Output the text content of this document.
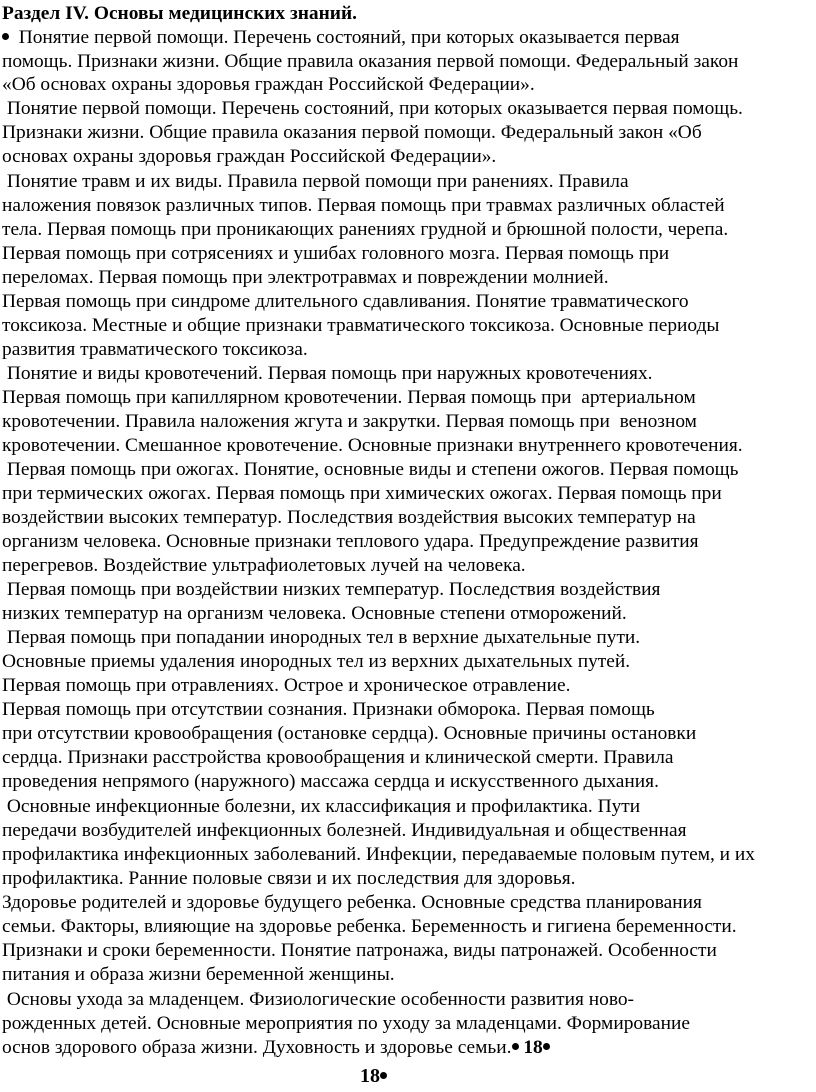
Раздел IV. Основы медицинских знаний.
Понятие первой помощи. Перечень состояний, при которых оказывается первая
помощь. Признаки жизни. Общие правила оказания первой помощи. Федеральный закон
«Об основах охраны здоровья граждан Российской Федерации».
Понятие первой помощи. Перечень состояний, при которых оказывается первая помощь.
Признаки жизни. Общие правила оказания первой помощи. Федеральный закон «Об
основах охраны здоровья граждан Российской Федерации».
Понятие травм и их виды. Правила первой помощи при ранениях. Правила
наложения повязок различных типов. Первая помощь при травмах различных областей
тела. Первая помощь при проникающих ранениях грудной и брюшной полости, черепа.
Первая помощь при сотрясениях и ушибах головного мозга. Первая помощь при
переломах. Первая помощь при электротравмах и повреждении молнией.
Первая помощь при синдроме длительного сдавливания. Понятие травматического
токсикоза. Местные и общие признаки травматического токсикоза. Основные периоды
развития травматического токсикоза.
Понятие и виды кровотечений. Первая помощь при наружных кровотечениях.
Первая помощь при капиллярном кровотечении. Первая помощь при  артериальном
кровотечении. Правила наложения жгута и закрутки. Первая помощь при  венозном
кровотечении. Смешанное кровотечение. Основные признаки внутреннего кровотечения.
Первая помощь при ожогах. Понятие, основные виды и степени ожогов. Первая помощь
при термических ожогах. Первая помощь при химических ожогах. Первая помощь при
воздействии высоких температур. Последствия воздействия высоких температур на
организм человека. Основные признаки теплового удара. Предупреждение развития
перегревов. Воздействие ультрафиолетовых лучей на человека.
Первая помощь при воздействии низких температур. Последствия воздействия
низких температур на организм человека. Основные степени отморожений.
Первая помощь при попадании инородных тел в верхние дыхательные пути.
Основные приемы удаления инородных тел из верхних дыхательных путей.
Первая помощь при отравлениях. Острое и хроническое отравление.
Первая помощь при отсутствии сознания. Признаки обморока. Первая помощь
при отсутствии кровообращения (остановке сердца). Основные причины остановки
сердца. Признаки расстройства кровообращения и клинической смерти. Правила
проведения непрямого (наружного) массажа сердца и искусственного дыхания.
Основные инфекционные болезни, их классификация и профилактика. Пути
передачи возбудителей инфекционных болезней. Индивидуальная и общественная
профилактика инфекционных заболеваний. Инфекции, передаваемые половым путем, и их
профилактика. Ранние половые связи и их последствия для здоровья.
Здоровье родителей и здоровье будущего ребенка. Основные средства планирования
семьи. Факторы, влияющие на здоровье ребенка. Беременность и гигиена беременности.
Признаки и сроки беременности. Понятие патронажа, виды патронажей. Особенности
питания и образа жизни беременной женщины.
Основы ухода за младенцем. Физиологические особенности развития ново-
рожденных детей. Основные мероприятия по уходу за младенцами. Формирование
основ здорового образа жизни. Духовность и здоровье семьи. 18
18
